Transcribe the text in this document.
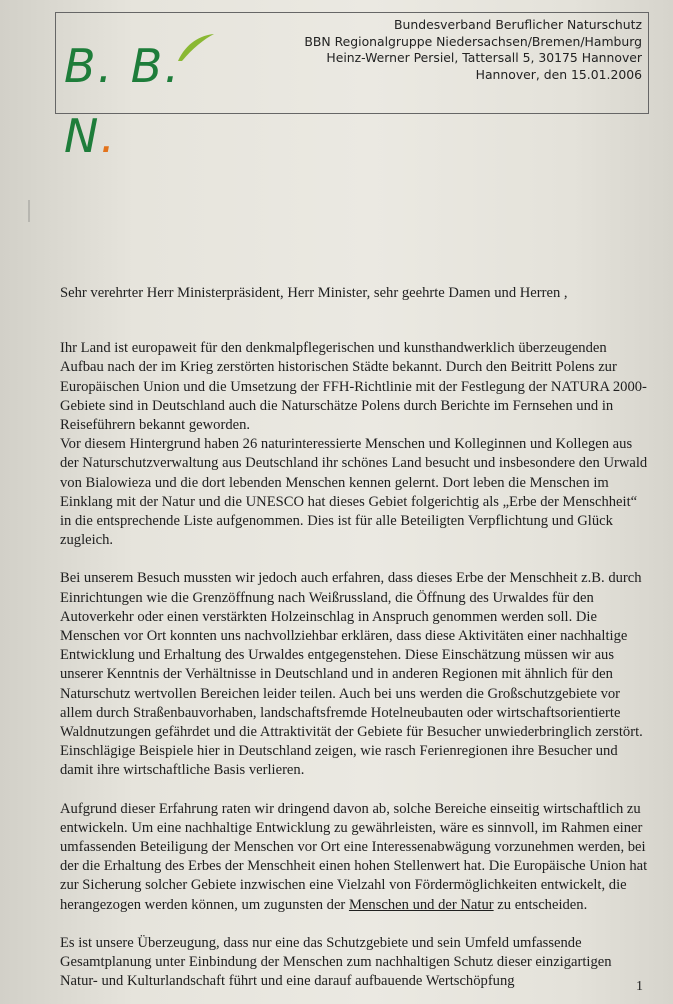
B. B. N.
Bundesverband Beruflicher Naturschutz
BBN Regionalgruppe Niedersachsen/Bremen/Hamburg
Heinz-Werner Persiel, Tattersall 5, 30175 Hannover
Hannover, den 15.01.2006

Sehr verehrter Herr Ministerpräsident, Herr Minister, sehr geehrte Damen und Herren ,

Ihr Land ist europaweit für den denkmalpflegerischen und kunsthandwerklich überzeugenden Aufbau nach der im Krieg zerstörten historischen Städte bekannt. Durch den Beitritt Polens zur Europäischen Union und die Umsetzung der FFH-Richtlinie mit der Festlegung der NATURA 2000-Gebiete sind in Deutschland auch die Naturschätze Polens durch Berichte im Fernsehen und in Reiseführern bekannt geworden.

Vor diesem Hintergrund haben 26 naturinteressierte Menschen und Kolleginnen und Kollegen aus der Naturschutzverwaltung aus Deutschland ihr schönes Land besucht und insbesondere den Urwald von Bialowieza und die dort lebenden Menschen kennen gelernt. Dort leben die Menschen im Einklang mit der Natur und die UNESCO hat dieses Gebiet folgerichtig als „Erbe der Menschheit“ in die entsprechende Liste aufgenommen. Dies ist für alle Beteiligten Verpflichtung und Glück zugleich.

Bei unserem Besuch mussten wir jedoch auch erfahren, dass dieses Erbe der Menschheit z.B. durch Einrichtungen wie die Grenzöffnung nach Weißrussland, die Öffnung des Urwaldes für den Autoverkehr oder einen verstärkten Holzeinschlag in Anspruch genommen werden soll. Die Menschen vor Ort konnten uns nachvollziehbar erklären, dass diese Aktivitäten einer nachhaltige Entwicklung und Erhaltung des Urwaldes entgegenstehen. Diese Einschätzung müssen wir aus unserer Kenntnis der Verhältnisse in Deutschland und in anderen Regionen mit ähnlich für den Naturschutz wertvollen Bereichen leider teilen. Auch bei uns werden die Großschutzgebiete vor allem durch Straßenbauvorhaben, landschaftsfremde Hotelneubauten oder wirtschaftsorientierte Waldnutzungen gefährdet und die Attraktivität der Gebiete für Besucher unwiederbringlich zerstört. Einschlägige Beispiele hier in Deutschland zeigen, wie rasch Ferienregionen ihre Besucher und damit ihre wirtschaftliche Basis verlieren.

Aufgrund dieser Erfahrung raten wir dringend davon ab, solche Bereiche einseitig wirtschaftlich zu entwickeln. Um eine nachhaltige Entwicklung zu gewährleisten, wäre es sinnvoll, im Rahmen einer umfassenden Beteiligung der Menschen vor Ort eine Interessenabwägung vorzunehmen werden, bei der die Erhaltung des Erbes der Menschheit einen hohen Stellenwert hat. Die Europäische Union hat zur Sicherung solcher Gebiete inzwischen eine Vielzahl von Fördermöglichkeiten entwickelt, die herangezogen werden können, um zugunsten der Menschen und der Natur zu entscheiden.

Es ist unsere Überzeugung, dass nur eine das Schutzgebiete und sein Umfeld umfassende Gesamtplanung unter Einbindung der Menschen zum nachhaltigen Schutz dieser einzigartigen Natur- und Kulturlandschaft führt und eine darauf aufbauende Wertschöpfung	1
